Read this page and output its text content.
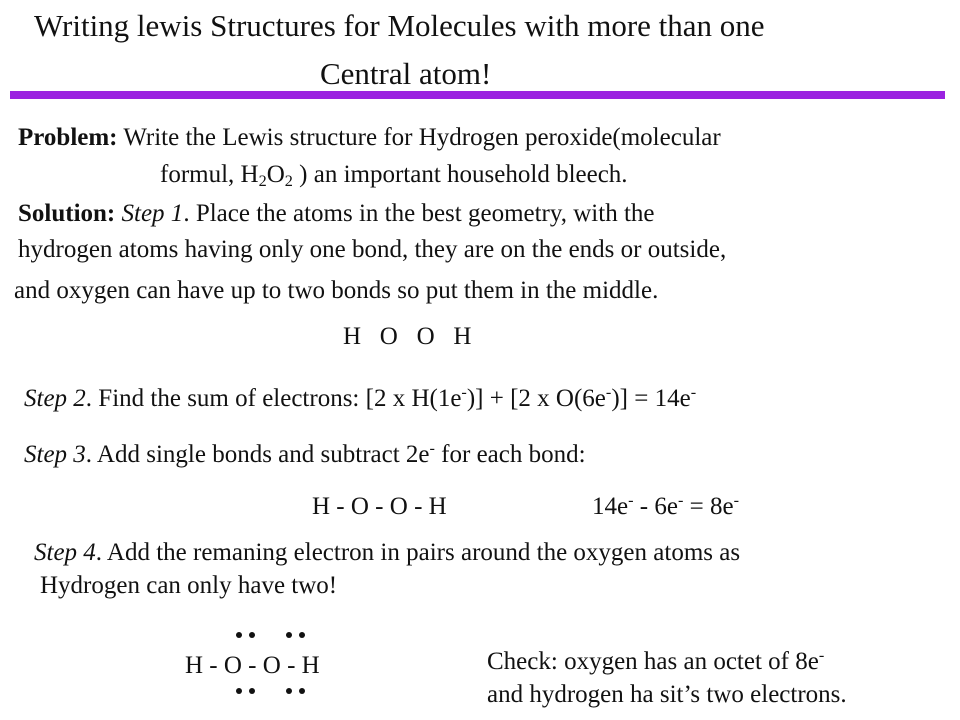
Writing lewis Structures for Molecules with more than one
Central atom!
Problem: Write the Lewis structure for Hydrogen peroxide(molecular
formul, $H_2O_2$ ) an important household bleech.
Solution: Step 1. Place the atoms in the best geometry, with the
hydrogen atoms having only one bond, they are on the ends or outside,
and oxygen can have up to two bonds so put them in the middle.
H   O   O   H
Step 2. Find the sum of electrons: [2 x H(1e-)] + [2 x O(6e-)] = 14e-
Step 3. Add single bonds and subtract 2e- for each bond:
H - O - O - H	14e- - 6e- = 8e-
Step 4. Add the remaning electron in pairs around the oxygen atoms as
Hydrogen can only have two!
H - O - O - H	Check: oxygen has an octet of 8e-
and hydrogen ha sit’s two electrons.
